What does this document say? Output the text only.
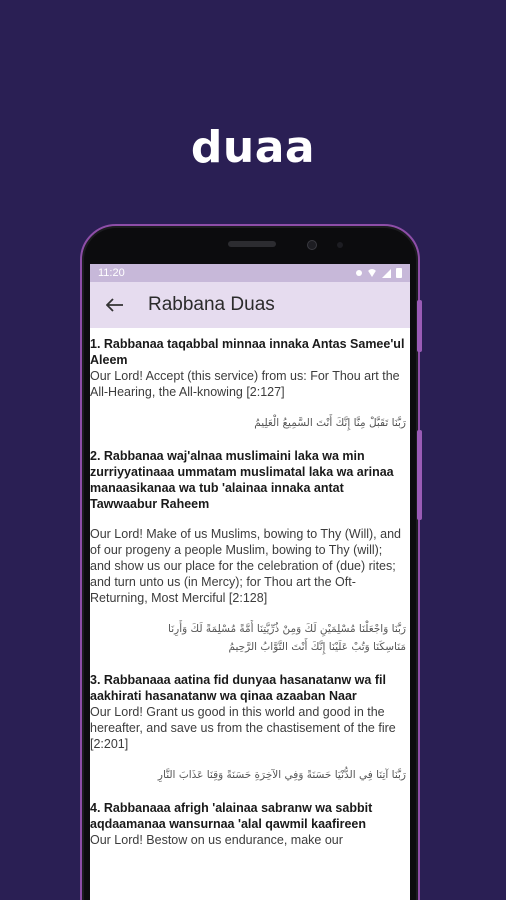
duaa
11:20
Rabbana Duas
1. Rabbanaa taqabbal minnaa innaka Antas Samee'ul Aleem
Our Lord! Accept (this service) from us: For Thou art the All-Hearing, the All-knowing [2:127]
رَبَّنَا تَقَبَّلْ مِنَّا إِنَّكَ أَنْتَ السَّمِيعُ الْعَلِيمُ
2. Rabbanaa waj'alnaa muslimaini laka wa min zurriyyatinaaa ummatam muslimatal laka wa arinaa manaasikanaa wa tub 'alainaa innaka antat Tawwaabur Raheem
Our Lord! Make of us Muslims, bowing to Thy (Will), and of our progeny a people Muslim, bowing to Thy (will); and show us our place for the celebration of (due) rites; and turn unto us (in Mercy); for Thou art the Oft-Returning, Most Merciful [2:128]
رَبَّنَا وَاجْعَلْنَا مُسْلِمَيْنِ لَكَ وَمِنْ ذُرِّيَّتِنَا أُمَّةً مُسْلِمَةً لَكَ وَأَرِنَا
مَنَاسِكَنَا وَتُبْ عَلَيْنَا إِنَّكَ أَنْتَ التَّوَّابُ الرَّحِيمُ
3. Rabbanaaa aatina fid dunyaa hasanatanw wa fil aakhirati hasanatanw wa qinaa azaaban Naar
Our Lord! Grant us good in this world and good in the hereafter, and save us from the chastisement of the fire [2:201]
رَبَّنَا آتِنَا فِي الدُّنْيَا حَسَنَةً وَفِي الآخِرَةِ حَسَنَةً وَقِنَا عَذَابَ النَّارِ
4. Rabbanaaa afrigh 'alainaa sabranw wa sabbit aqdaamanaa wansurnaa 'alal qawmil kaafireen
Our Lord! Bestow on us endurance, make our
